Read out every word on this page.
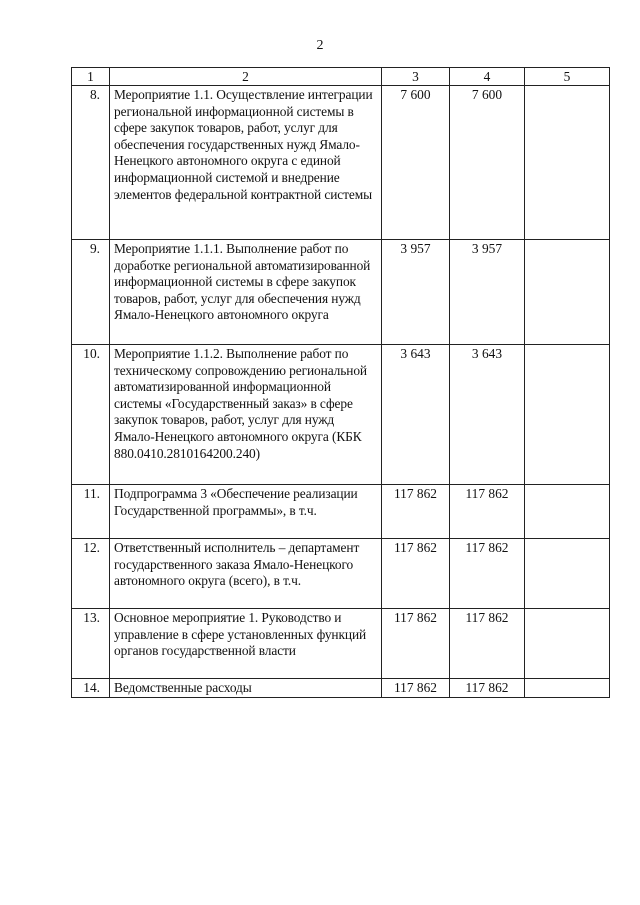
2
1	2	3	4	5
8.	Мероприятие 1.1. Осуществление интеграции региональной информационной системы в сфере закупок товаров, работ, услуг для обеспечения государственных нужд Ямало-Ненецкого автономного округа с единой информационной системой и внедрение элементов федеральной контрактной системы	7 600	7 600	
9.	Мероприятие 1.1.1. Выполнение работ по доработке региональной автоматизированной информационной системы в сфере закупок товаров, работ, услуг для обеспечения нужд Ямало-Ненецкого автономного округа	3 957	3 957	
10.	Мероприятие 1.1.2. Выполнение работ по техническому сопровождению региональной автоматизированной информационной системы «Государственный заказ» в сфере закупок товаров, работ, услуг для нужд Ямало-Ненецкого автономного округа (КБК 880.0410.2810164200.240)	3 643	3 643	
11.	Подпрограмма 3 «Обеспечение реализации Государственной программы», в т.ч.	117 862	117 862	
12.	Ответственный исполнитель – департамент государственного заказа Ямало-Ненецкого автономного округа (всего), в т.ч.	117 862	117 862	
13.	Основное мероприятие 1. Руководство и управление в сфере установленных функций органов государственной власти	117 862	117 862	
14.	Ведомственные расходы	117 862	117 862	
